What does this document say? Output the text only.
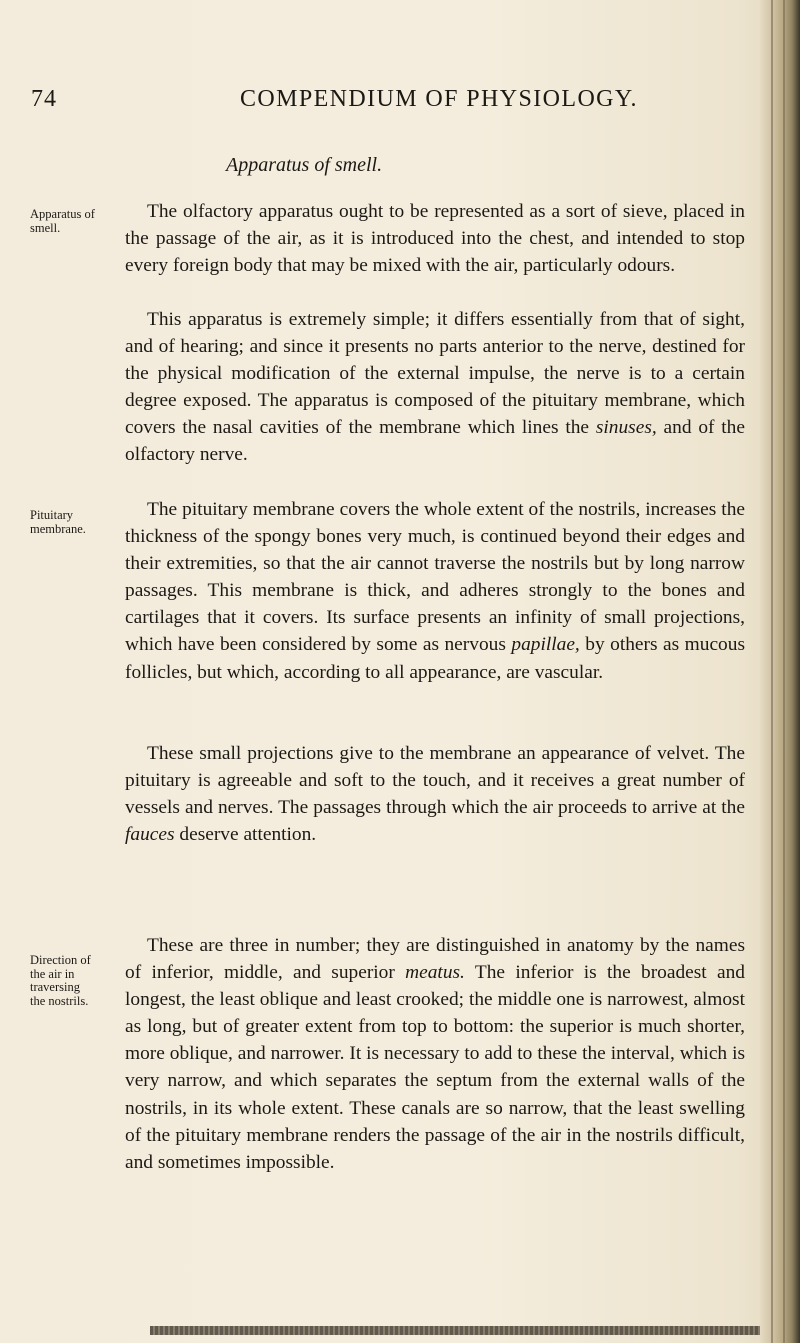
74	COMPENDIUM OF PHYSIOLOGY.
Apparatus of smell.
Apparatus of smell.
Pituitary membrane.
Direction of the air in traversing the nostrils.

The olfactory apparatus ought to be represented as a sort of sieve, placed in the passage of the air, as it is introduced into the chest, and intended to stop every foreign body that may be mixed with the air, particularly odours.

This apparatus is extremely simple; it differs essentially from that of sight, and of hearing; and since it presents no parts anterior to the nerve, destined for the physical modification of the external impulse, the nerve is to a certain degree exposed. The apparatus is composed of the pituitary membrane, which covers the nasal cavities of the membrane which lines the sinuses, and of the olfactory nerve.

The pituitary membrane covers the whole extent of the nostrils, increases the thickness of the spongy bones very much, is continued beyond their edges and their extremities, so that the air cannot traverse the nostrils but by long narrow passages. This membrane is thick, and adheres strongly to the bones and cartilages that it covers. Its surface presents an infinity of small projections, which have been considered by some as nervous papillae, by others as mucous follicles, but which, according to all appearance, are vascular.

These small projections give to the membrane an appearance of velvet. The pituitary is agreeable and soft to the touch, and it receives a great number of vessels and nerves. The passages through which the air proceeds to arrive at the fauces deserve attention.

These are three in number; they are distinguished in anatomy by the names of inferior, middle, and superior meatus. The inferior is the broadest and longest, the least oblique and least crooked; the middle one is narrowest, almost as long, but of greater extent from top to bottom: the superior is much shorter, more oblique, and narrower. It is necessary to add to these the interval, which is very narrow, and which separates the septum from the external walls of the nostrils, in its whole extent. These canals are so narrow, that the least swelling of the pituitary membrane renders the passage of the air in the nostrils difficult, and sometimes impossible.
